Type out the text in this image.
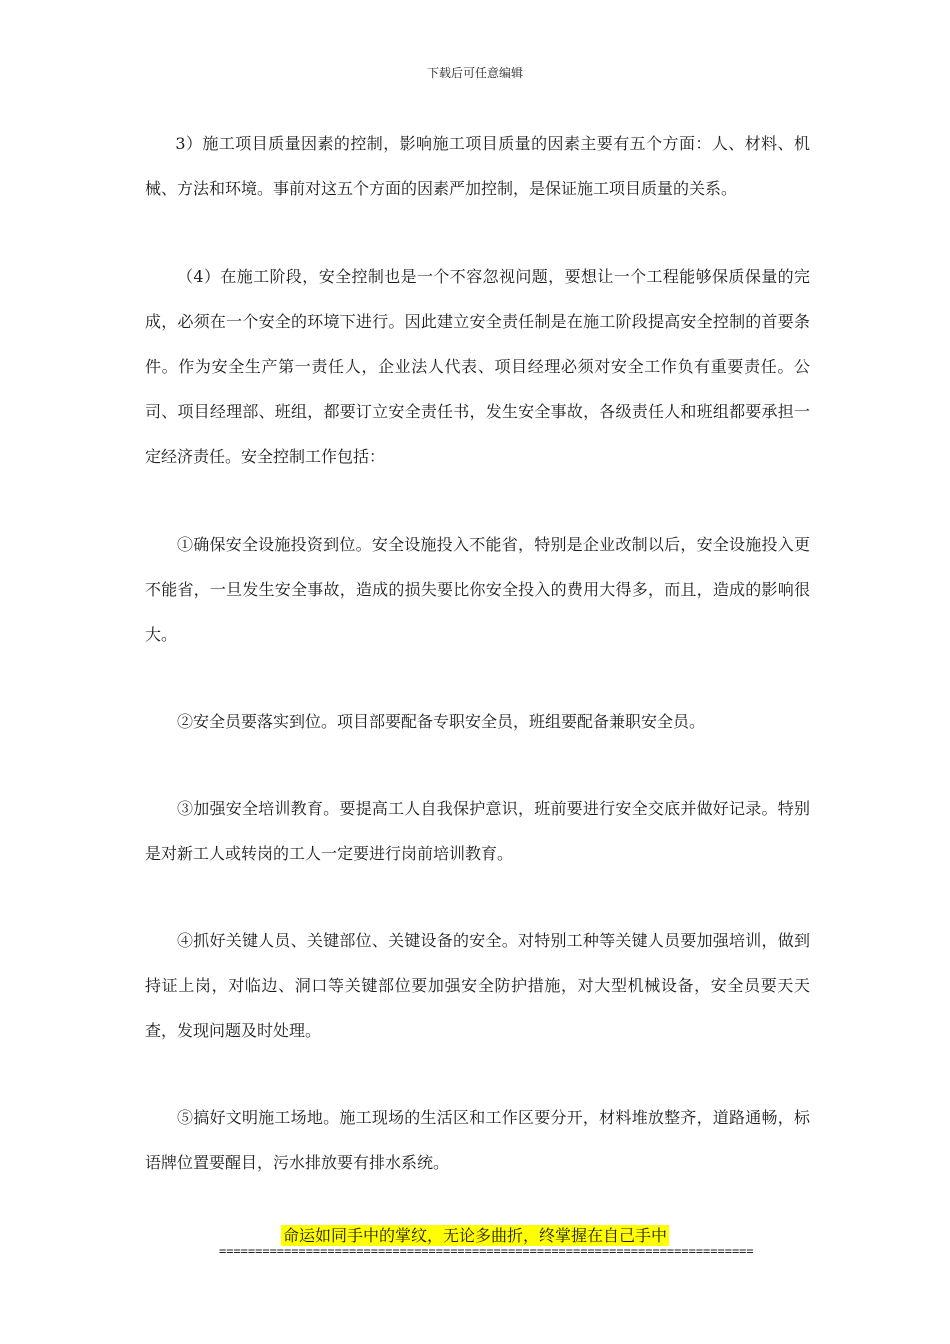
下载后可任意编辑

3）施工项目质量因素的控制，影响施工项目质量的因素主要有五个方面：人、材料、机械、方法和环境。事前对这五个方面的因素严加控制，是保证施工项目质量的关系。

（4）在施工阶段，安全控制也是一个不容忽视问题，要想让一个工程能够保质保量的完成，必须在一个安全的环境下进行。因此建立安全责任制是在施工阶段提高安全控制的首要条件。作为安全生产第一责任人，企业法人代表、项目经理必须对安全工作负有重要责任。公司、项目经理部、班组，都要订立安全责任书，发生安全事故，各级责任人和班组都要承担一定经济责任。安全控制工作包括：

①确保安全设施投资到位。安全设施投入不能省，特别是企业改制以后，安全设施投入更不能省，一旦发生安全事故，造成的损失要比你安全投入的费用大得多，而且，造成的影响很大。

②安全员要落实到位。项目部要配备专职安全员，班组要配备兼职安全员。

③加强安全培训教育。要提高工人自我保护意识，班前要进行安全交底并做好记录。特别是对新工人或转岗的工人一定要进行岗前培训教育。

④抓好关键人员、关键部位、关键设备的安全。对特别工种等关键人员要加强培训，做到持证上岗，对临边、洞口等关键部位要加强安全防护措施，对大型机械设备，安全员要天天查，发现问题及时处理。

⑤搞好文明施工场地。施工现场的生活区和工作区要分开，材料堆放整齐，道路通畅，标语牌位置要醒目，污水排放要有排水系统。

命运如同手中的掌纹，无论多曲折，终掌握在自己手中
==========================================================================
